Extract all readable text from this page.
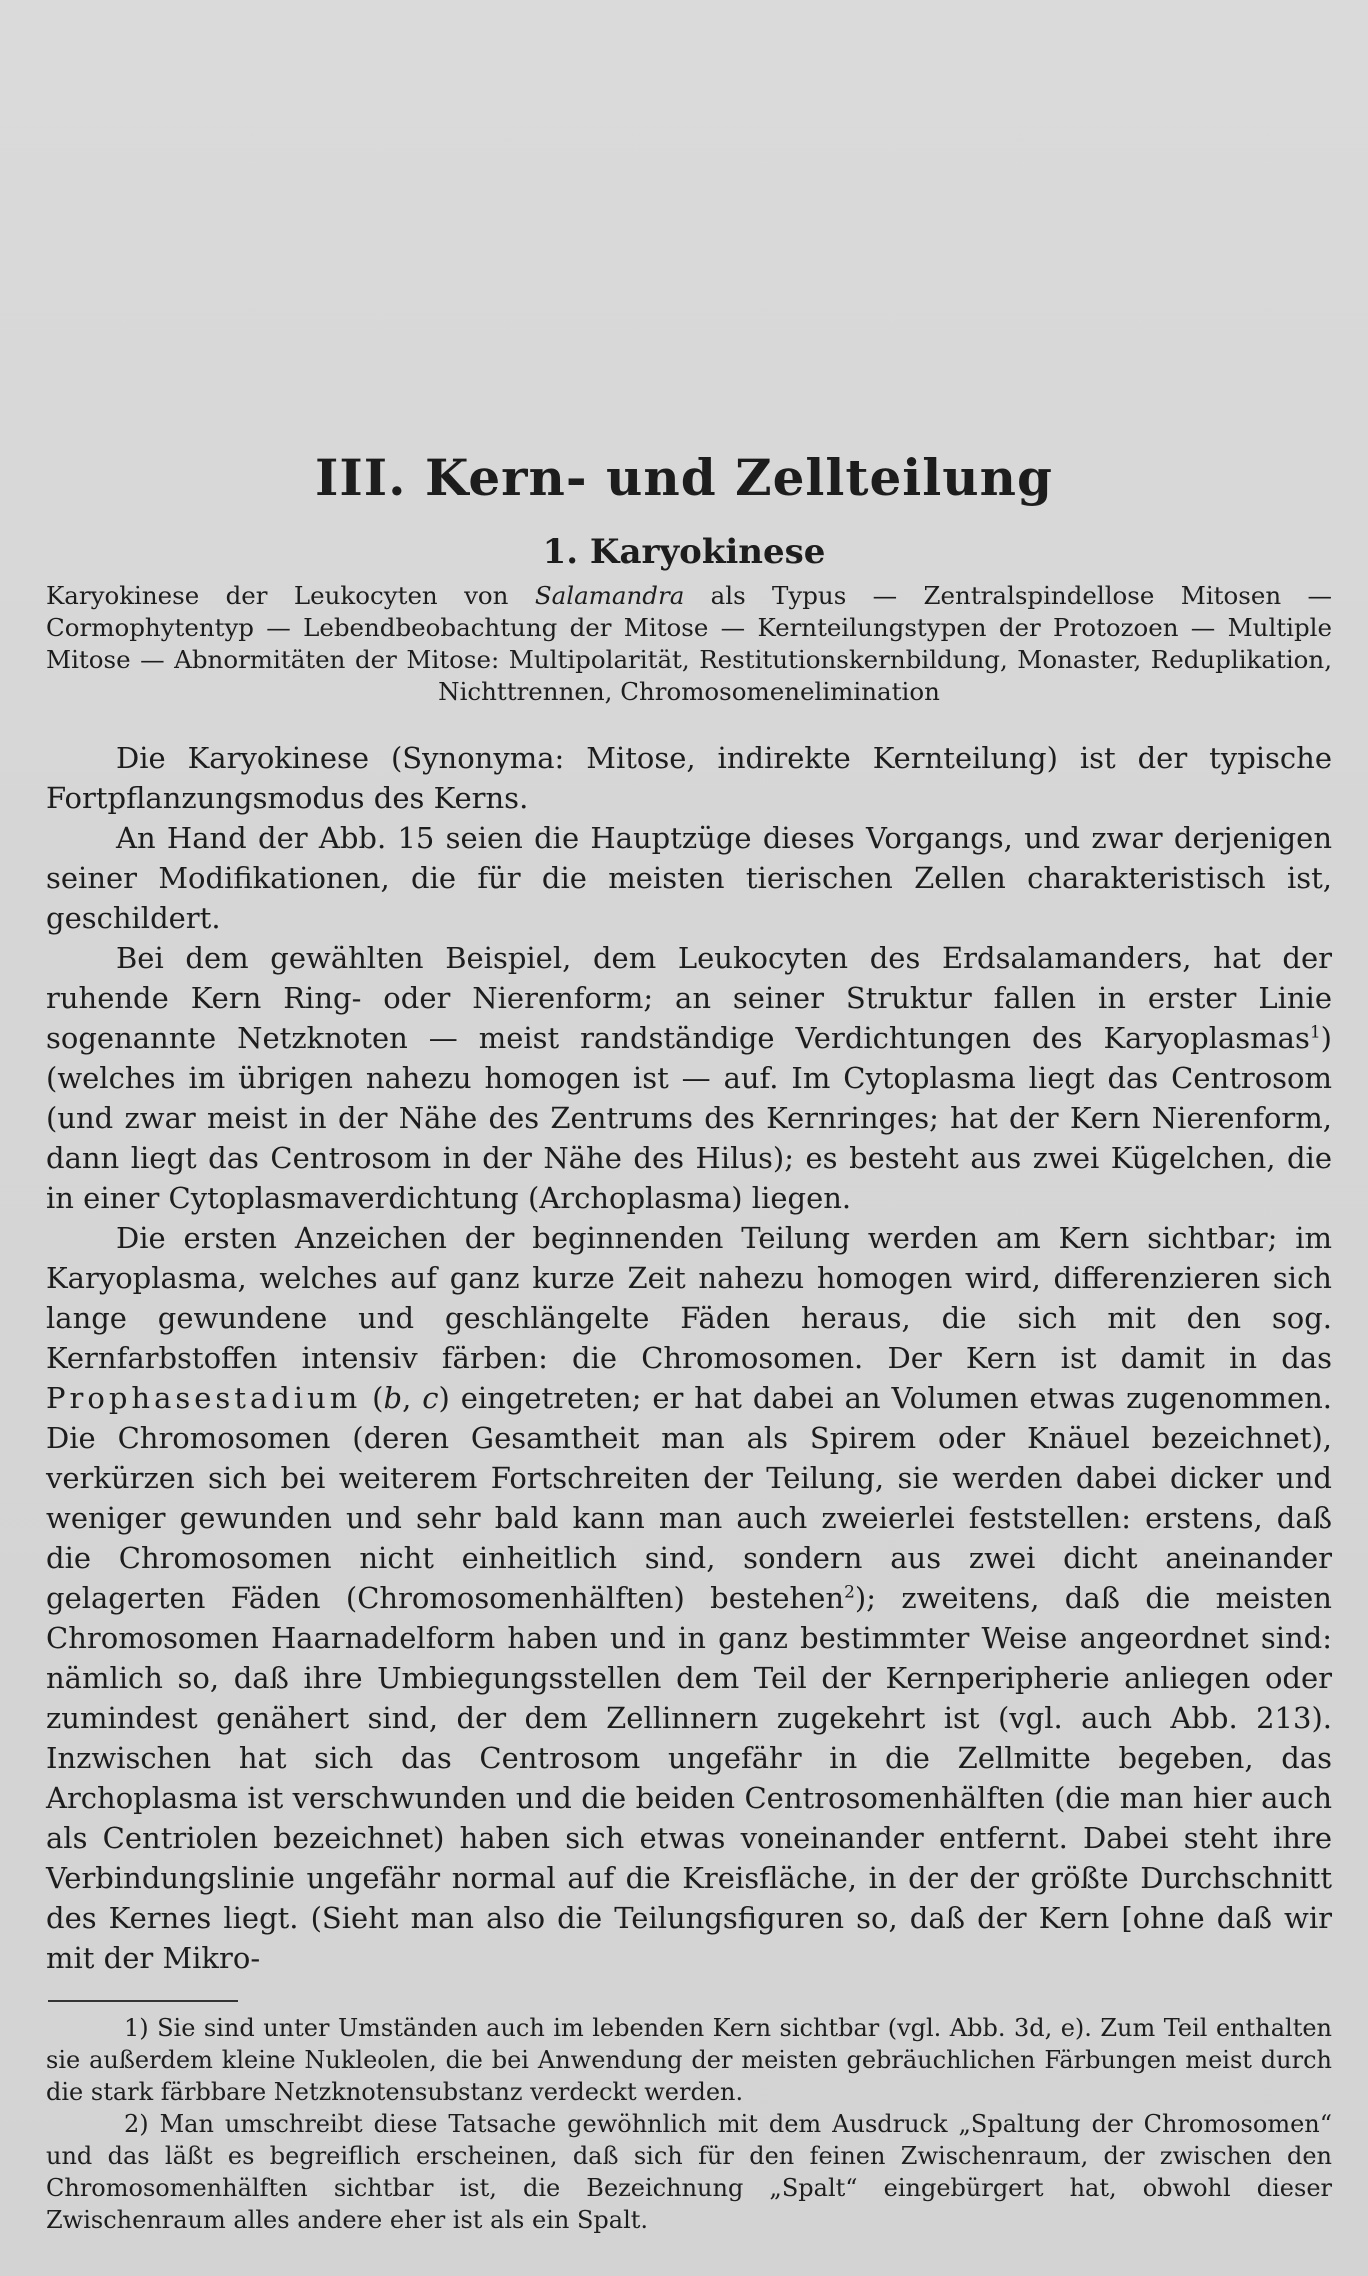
III. Kern- und Zellteilung
1. Karyokinese
Karyokinese der Leukocyten von Salamandra als Typus — Zentralspindellose Mitosen — Cormophytentyp — Lebendbeobachtung der Mitose — Kernteilungstypen der Protozoen — Multiple Mitose — Abnormitäten der Mitose: Multipolarität, Restitutionskernbildung, Monaster, Reduplikation, Nichttrennen, Chromosomenelimination

Die Karyokinese (Synonyma: Mitose, indirekte Kernteilung) ist der typische Fortpflanzungsmodus des Kerns.

An Hand der Abb. 15 seien die Hauptzüge dieses Vorgangs, und zwar derjenigen seiner Modifikationen, die für die meisten tierischen Zellen charakteristisch ist, geschildert.

Bei dem gewählten Beispiel, dem Leukocyten des Erdsalamanders, hat der ruhende Kern Ring- oder Nierenform; an seiner Struktur fallen in erster Linie sogenannte Netzknoten — meist randständige Verdichtungen des Karyoplasmas$^1$) (welches im übrigen nahezu homogen ist — auf. Im Cytoplasma liegt das Centrosom (und zwar meist in der Nähe des Zentrums des Kernringes; hat der Kern Nierenform, dann liegt das Centrosom in der Nähe des Hilus); es besteht aus zwei Kügelchen, die in einer Cytoplasmaverdichtung (Archoplasma) liegen.

Die ersten Anzeichen der beginnenden Teilung werden am Kern sichtbar; im Karyoplasma, welches auf ganz kurze Zeit nahezu homogen wird, differenzieren sich lange gewundene und geschlängelte Fäden heraus, die sich mit den sog. Kernfarbstoffen intensiv färben: die Chromosomen. Der Kern ist damit in das Prophasestadium (b, c) eingetreten; er hat dabei an Volumen etwas zugenommen. Die Chromosomen (deren Gesamtheit man als Spirem oder Knäuel bezeichnet), verkürzen sich bei weiterem Fortschreiten der Teilung, sie werden dabei dicker und weniger gewunden und sehr bald kann man auch zweierlei feststellen: erstens, daß die Chromosomen nicht einheitlich sind, sondern aus zwei dicht aneinander gelagerten Fäden (Chromosomenhälften) bestehen$^2$); zweitens, daß die meisten Chromosomen Haarnadelform haben und in ganz bestimmter Weise angeordnet sind: nämlich so, daß ihre Umbiegungsstellen dem Teil der Kernperipherie anliegen oder zumindest genähert sind, der dem Zellinnern zugekehrt ist (vgl. auch Abb. 213). Inzwischen hat sich das Centrosom ungefähr in die Zellmitte begeben, das Archoplasma ist verschwunden und die beiden Centrosomenhälften (die man hier auch als Centriolen bezeichnet) haben sich etwas voneinander entfernt. Dabei steht ihre Verbindungslinie ungefähr normal auf die Kreisfläche, in der der größte Durchschnitt des Kernes liegt. (Sieht man also die Teilungsfiguren so, daß der Kern [ohne daß wir mit der Mikro-

1) Sie sind unter Umständen auch im lebenden Kern sichtbar (vgl. Abb. 3d, e). Zum Teil enthalten sie außerdem kleine Nukleolen, die bei Anwendung der meisten gebräuchlichen Färbungen meist durch die stark färbbare Netzknotensubstanz verdeckt werden.

2) Man umschreibt diese Tatsache gewöhnlich mit dem Ausdruck „Spaltung der Chromosomen“ und das läßt es begreiflich erscheinen, daß sich für den feinen Zwischenraum, der zwischen den Chromosomenhälften sichtbar ist, die Bezeichnung „Spalt“ eingebürgert hat, obwohl dieser Zwischenraum alles andere eher ist als ein Spalt.
